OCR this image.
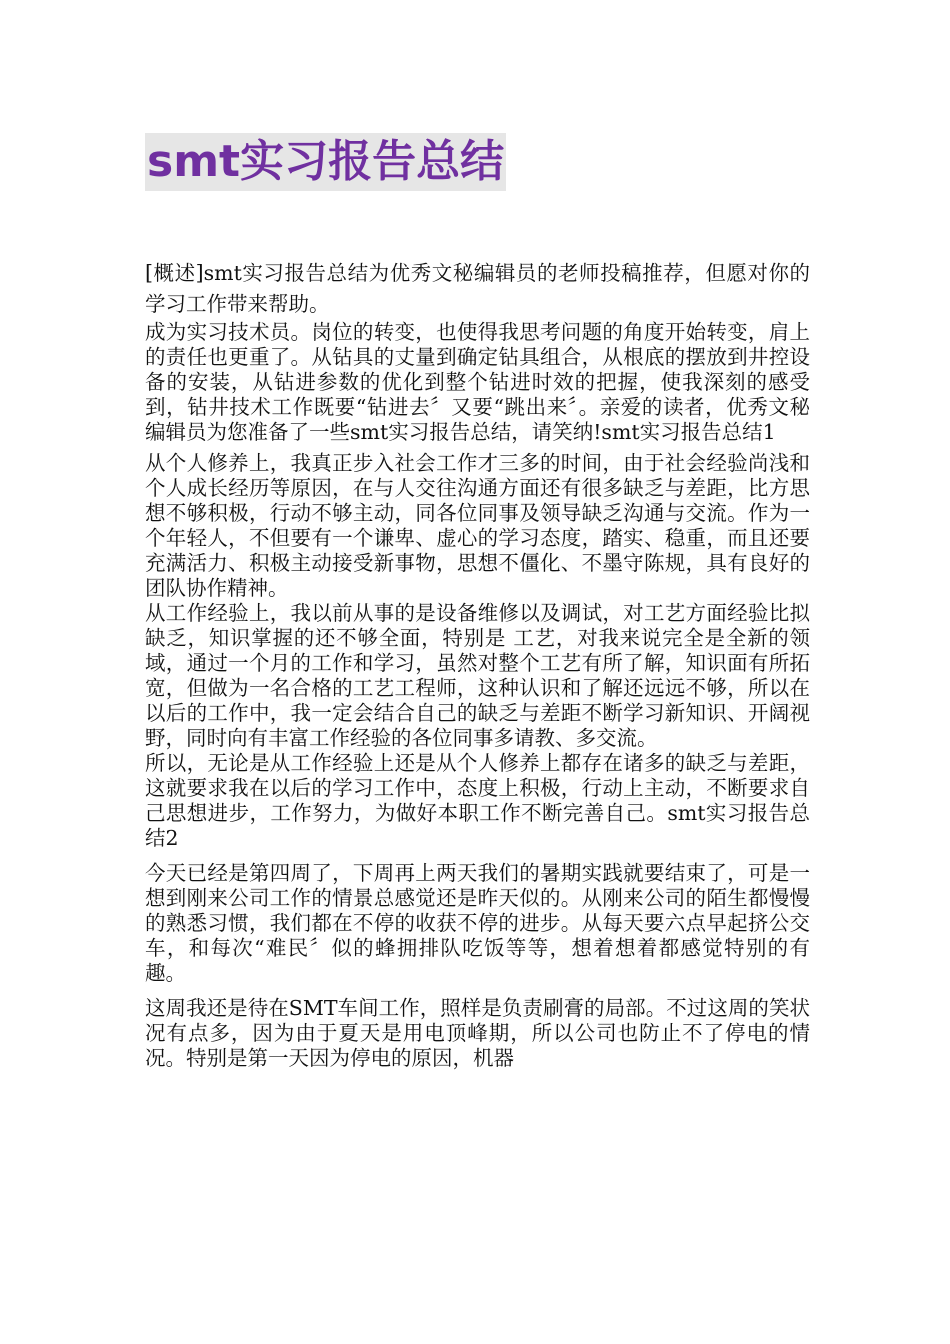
smt实习报告总结

[概述]smt实习报告总结为优秀文秘编辑员的老师投稿推荐，但愿对你的学习工作带来帮助。

成为实习技术员。岗位的转变，也使得我思考问题的角度开始转变，肩上的责任也更重了。从钻具的丈量到确定钻具组合，从根底的摆放到井控设备的安装，从钻进参数的优化到整个钻进时效的把握，使我深刻的感受到，钻井技术工作既要“钻进去〞又要“跳出来〞。亲爱的读者，优秀文秘编辑员为您准备了一些smt实习报告总结，请笑纳!smt实习报告总结1

从个人修养上，我真正步入社会工作才三多的时间，由于社会经验尚浅和个人成长经历等原因，在与人交往沟通方面还有很多缺乏与差距，比方思想不够积极，行动不够主动，同各位同事及领导缺乏沟通与交流。作为一个年轻人，不但要有一个谦卑、虚心的学习态度，踏实、稳重，而且还要充满活力、积极主动接受新事物，思想不僵化、不墨守陈规，具有良好的团队协作精神。

从工作经验上，我以前从事的是设备维修以及调试，对工艺方面经验比拟缺乏，知识掌握的还不够全面，特别是 工艺，对我来说完全是全新的领域，通过一个月的工作和学习，虽然对整个工艺有所了解，知识面有所拓宽，但做为一名合格的工艺工程师，这种认识和了解还远远不够，所以在以后的工作中，我一定会结合自己的缺乏与差距不断学习新知识、开阔视野，同时向有丰富工作经验的各位同事多请教、多交流。

所以，无论是从工作经验上还是从个人修养上都存在诸多的缺乏与差距，这就要求我在以后的学习工作中，态度上积极，行动上主动，不断要求自己思想进步，工作努力，为做好本职工作不断完善自己。smt实习报告总结2

今天已经是第四周了，下周再上两天我们的暑期实践就要结束了，可是一想到刚来公司工作的情景总感觉还是昨天似的。从刚来公司的陌生都慢慢的熟悉习惯，我们都在不停的收获不停的进步。从每天要六点早起挤公交车，和每次“难民〞似的蜂拥排队吃饭等等，想着想着都感觉特别的有趣。

这周我还是待在SMT车间工作，照样是负责刷膏的局部。不过这周的笑状况有点多，因为由于夏天是用电顶峰期，所以公司也防止不了停电的情况。特别是第一天因为停电的原因，机器
